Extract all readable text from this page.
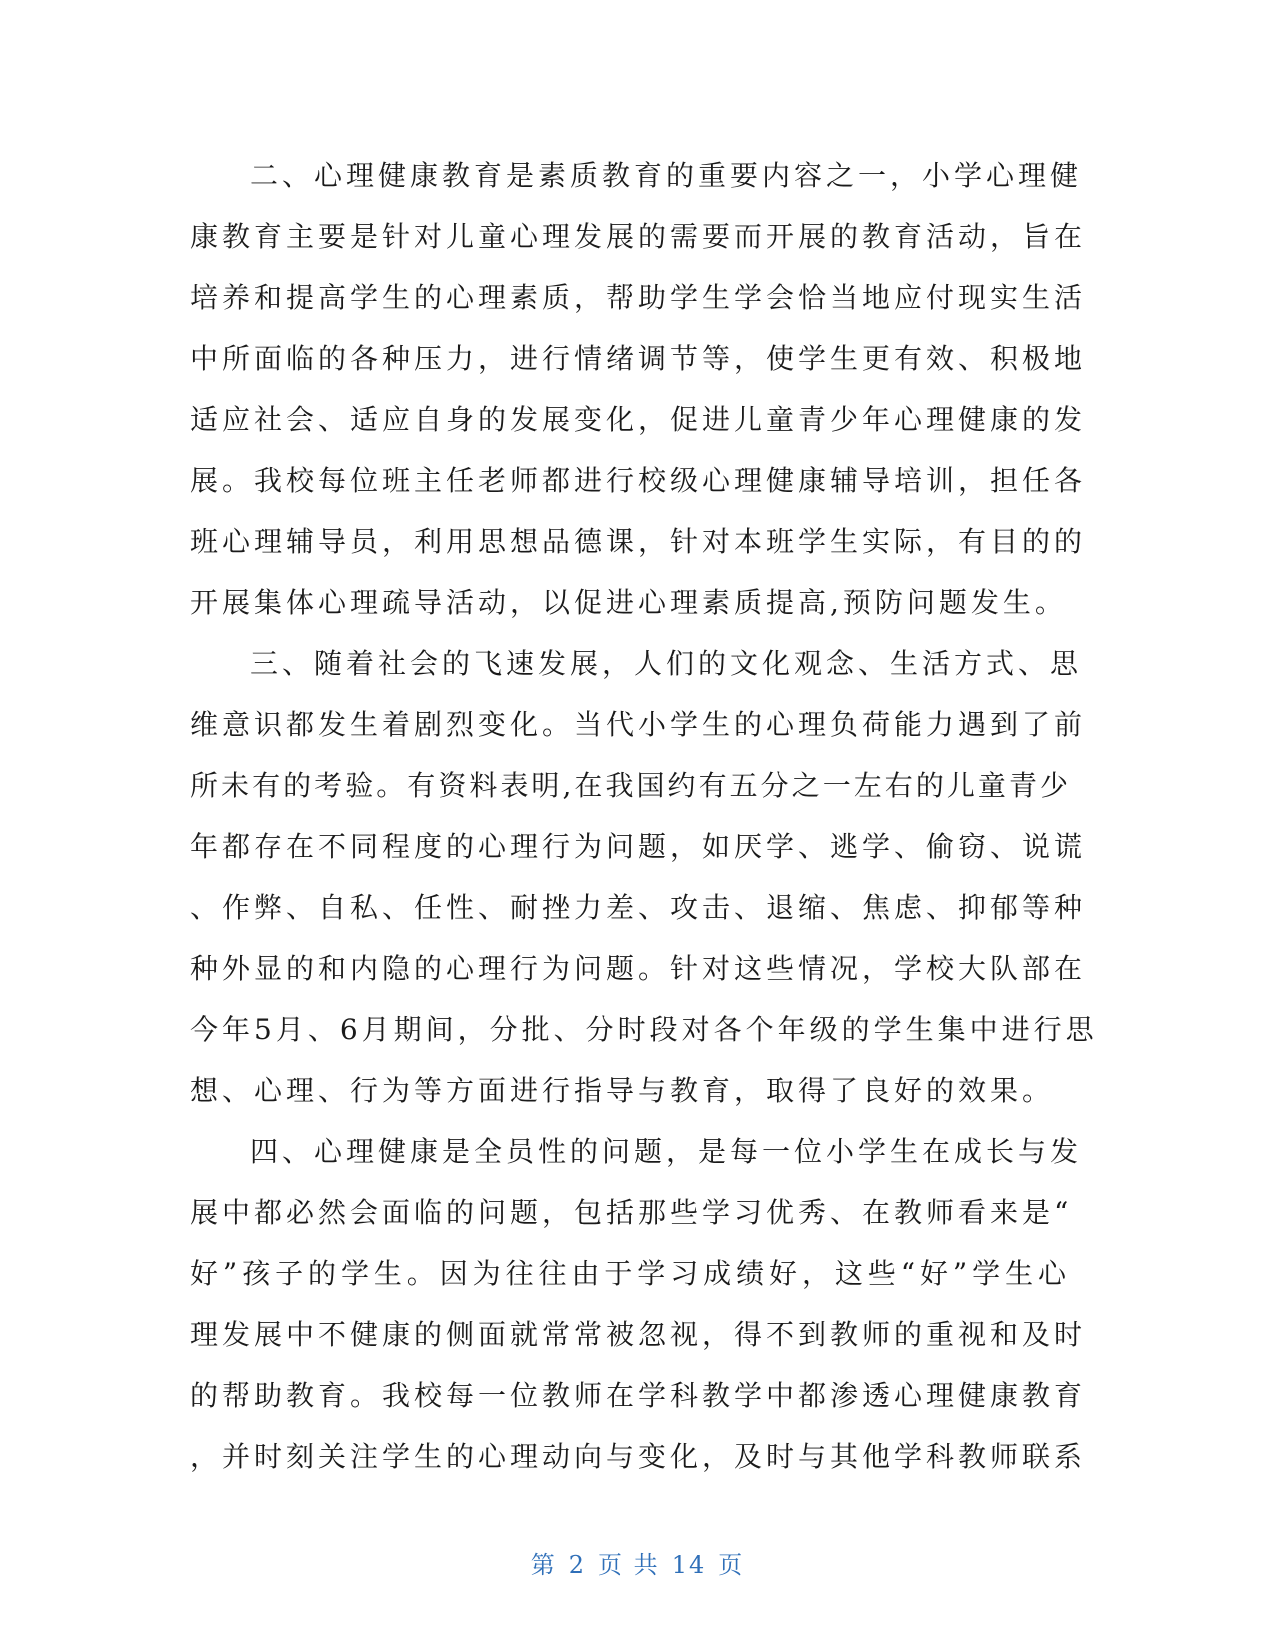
二、心理健康教育是素质教育的重要内容之一，小学心理健
康教育主要是针对儿童心理发展的需要而开展的教育活动，旨在
培养和提高学生的心理素质，帮助学生学会恰当地应付现实生活
中所面临的各种压力，进行情绪调节等，使学生更有效、积极地
适应社会、适应自身的发展变化，促进儿童青少年心理健康的发
展。我校每位班主任老师都进行校级心理健康辅导培训，担任各
班心理辅导员，利用思想品德课，针对本班学生实际，有目的的
开展集体心理疏导活动，以促进心理素质提高,预防问题发生。
三、随着社会的飞速发展，人们的文化观念、生活方式、思
维意识都发生着剧烈变化。当代小学生的心理负荷能力遇到了前
所未有的考验。有资料表明,在我国约有五分之一左右的儿童青少
年都存在不同程度的心理行为问题，如厌学、逃学、偷窃、说谎
、作弊、自私、任性、耐挫力差、攻击、退缩、焦虑、抑郁等种
种外显的和内隐的心理行为问题。针对这些情况，学校大队部在
今年5月、6月期间，分批、分时段对各个年级的学生集中进行思
想、心理、行为等方面进行指导与教育，取得了良好的效果。
四、心理健康是全员性的问题，是每一位小学生在成长与发
展中都必然会面临的问题，包括那些学习优秀、在教师看来是“
好”孩子的学生。因为往往由于学习成绩好，这些“好”学生心
理发展中不健康的侧面就常常被忽视，得不到教师的重视和及时
的帮助教育。我校每一位教师在学科教学中都渗透心理健康教育
，并时刻关注学生的心理动向与变化，及时与其他学科教师联系
第 2 页 共 14 页
